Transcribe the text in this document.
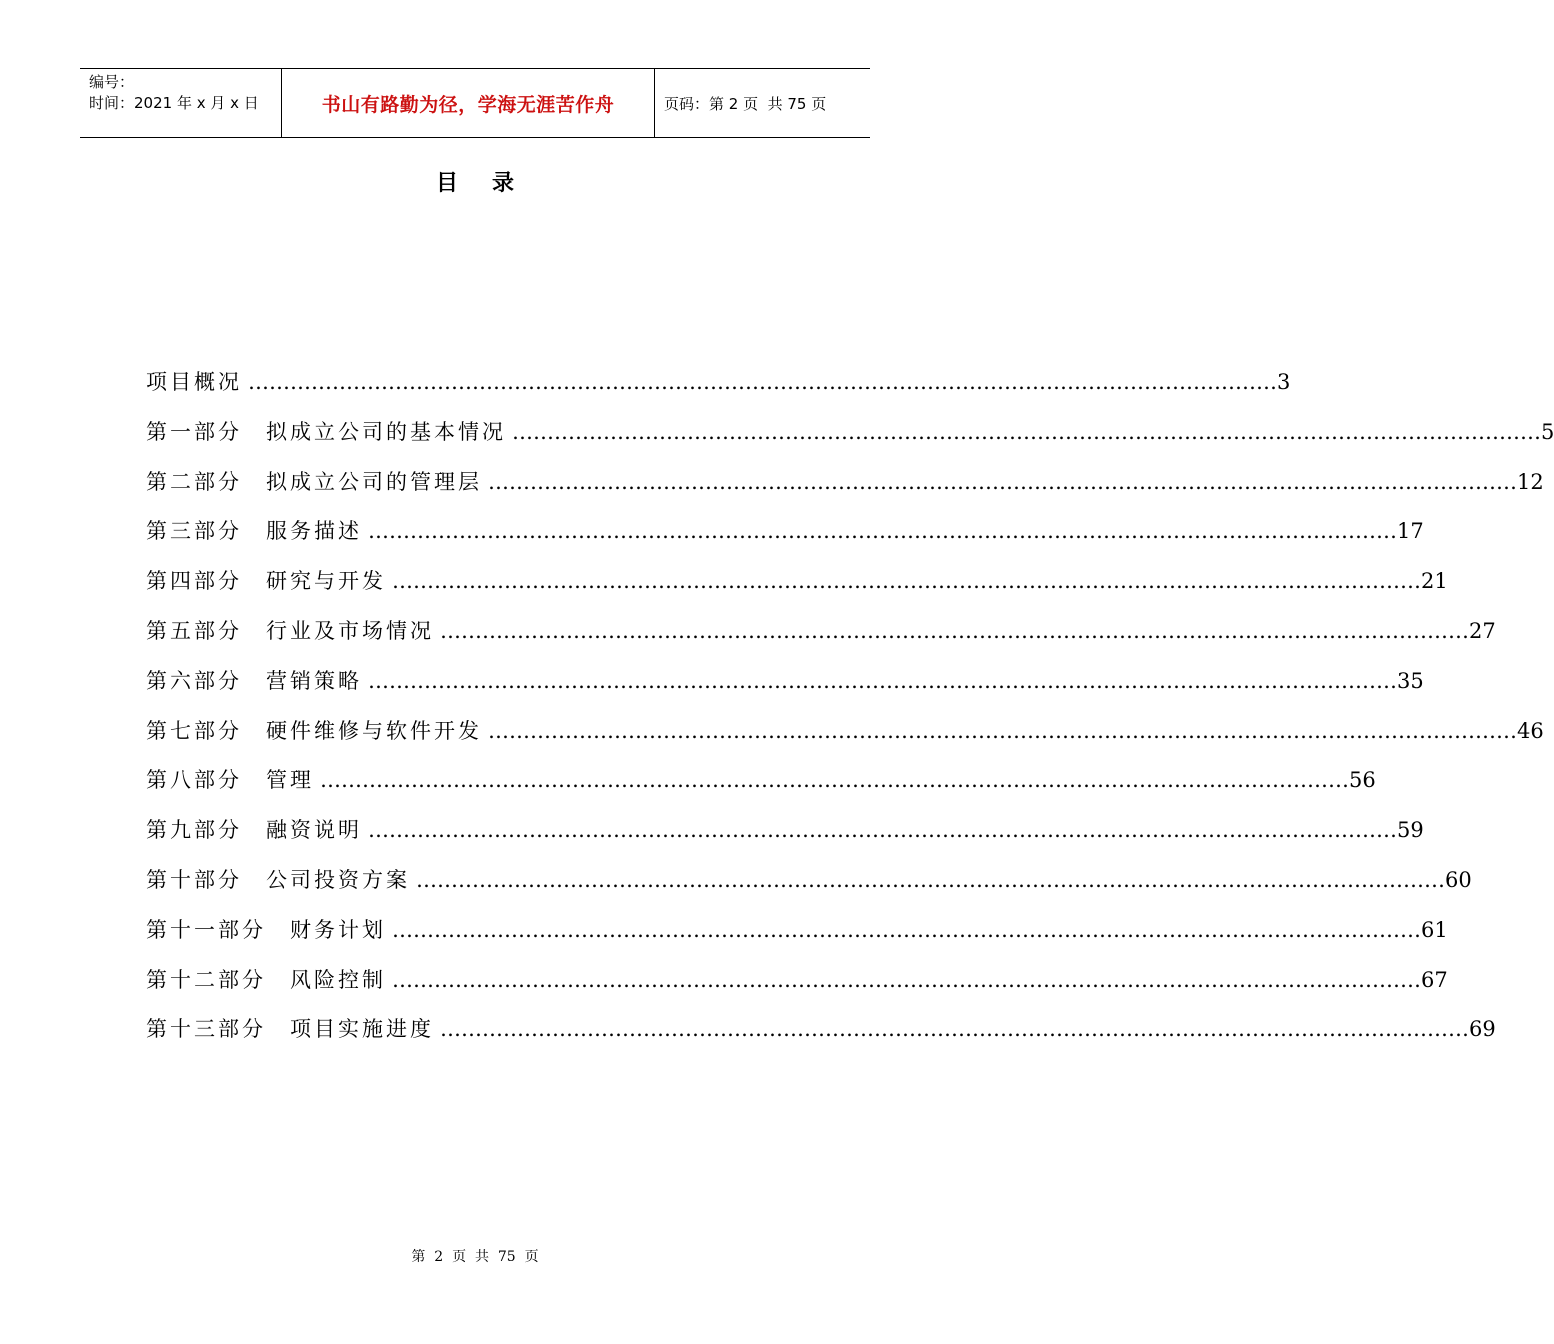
编号：
时间：2021 年 x 月 x 日	书山有路勤为径，学海无涯苦作舟	页码：第 2 页  共 75 页
目录
项目概况 ………………………………………………………………………………………………………………………………… 3
第一部分　拟成立公司的基本情况 ………………………………………………………………………………………………………………………………… 5
第二部分　拟成立公司的管理层 ………………………………………………………………………………………………………………………………… 12
第三部分　服务描述 ………………………………………………………………………………………………………………………………… 17
第四部分　研究与开发 ………………………………………………………………………………………………………………………………… 21
第五部分　行业及市场情况 ………………………………………………………………………………………………………………………………… 27
第六部分　营销策略 ………………………………………………………………………………………………………………………………… 35
第七部分　硬件维修与软件开发 ………………………………………………………………………………………………………………………………… 46
第八部分　管理 ………………………………………………………………………………………………………………………………… 56
第九部分　融资说明 ………………………………………………………………………………………………………………………………… 59
第十部分　公司投资方案 ………………………………………………………………………………………………………………………………… 60
第十一部分　财务计划 ………………………………………………………………………………………………………………………………… 61
第十二部分　风险控制 ………………………………………………………………………………………………………………………………… 67
第十三部分　项目实施进度 ………………………………………………………………………………………………………………………………… 69
第  2  页  共  75  页
